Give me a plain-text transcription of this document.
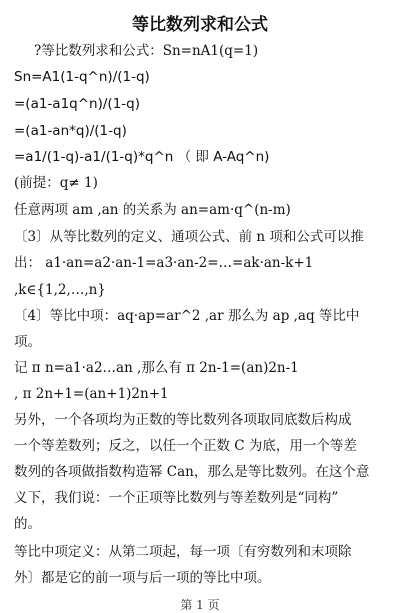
等比数列求和公式
?等比数列求和公式：Sn=nA1(q=1)
Sn=A1(1-q^n)/(1-q)
=(a1-a1q^n)/(1-q)
=(a1-an*q)/(1-q)
=a1/(1-q)-a1/(1-q)*q^n （ 即 A-Aq^n)
(前提：q≠ 1)
任意两项 am ,an 的关系为 an=am·q^(n-m)
〔3〕从等比数列的定义、通项公式、前 n 项和公式可以推
出： a1·an=a2·an-1=a3·an-2=…=ak·an-k+1
,k∈{1,2,…,n}
〔4〕等比中项：aq·ap=ar^2 ,ar 那么为 ap ,aq 等比中
项。
记 π n=a1·a2…an ,那么有 π 2n-1=(an)2n-1
, π 2n+1=(an+1)2n+1
另外，一个各项均为正数的等比数列各项取同底数后构成
一个等差数列；反之，以任一个正数 C 为底，用一个等差
数列的各项做指数构造幂 Can，那么是等比数列。在这个意
义下，我们说：一个正项等比数列与等差数列是“同构”
的。
等比中项定义：从第二项起，每一项〔有穷数列和末项除
外〕都是它的前一项与后一项的等比中项。
第 1 页
